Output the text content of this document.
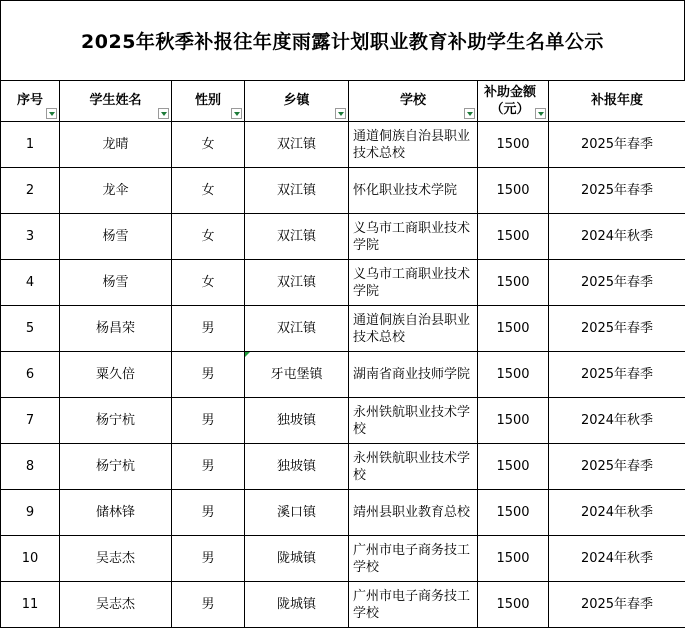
2025年秋季补报往年度雨露计划职业教育补助学生名单公示
序号	学生姓名	性别	乡镇	学校	补助金额（元）	补报年度
1	龙晴	女	双江镇	通道侗族自治县职业技术总校	1500	2025年春季
2	龙伞	女	双江镇	怀化职业技术学院	1500	2025年春季
3	杨雪	女	双江镇	义乌市工商职业技术学院	1500	2024年秋季
4	杨雪	女	双江镇	义乌市工商职业技术学院	1500	2025年春季
5	杨昌荣	男	双江镇	通道侗族自治县职业技术总校	1500	2025年春季
6	粟久倍	男	牙屯堡镇	湖南省商业技师学院	1500	2025年春季
7	杨宁杭	男	独坡镇	永州铁航职业技术学校	1500	2024年秋季
8	杨宁杭	男	独坡镇	永州铁航职业技术学校	1500	2025年春季
9	储林锋	男	溪口镇	靖州县职业教育总校	1500	2024年秋季
10	吴志杰	男	陇城镇	广州市电子商务技工学校	1500	2024年秋季
11	吴志杰	男	陇城镇	广州市电子商务技工学校	1500	2025年春季
